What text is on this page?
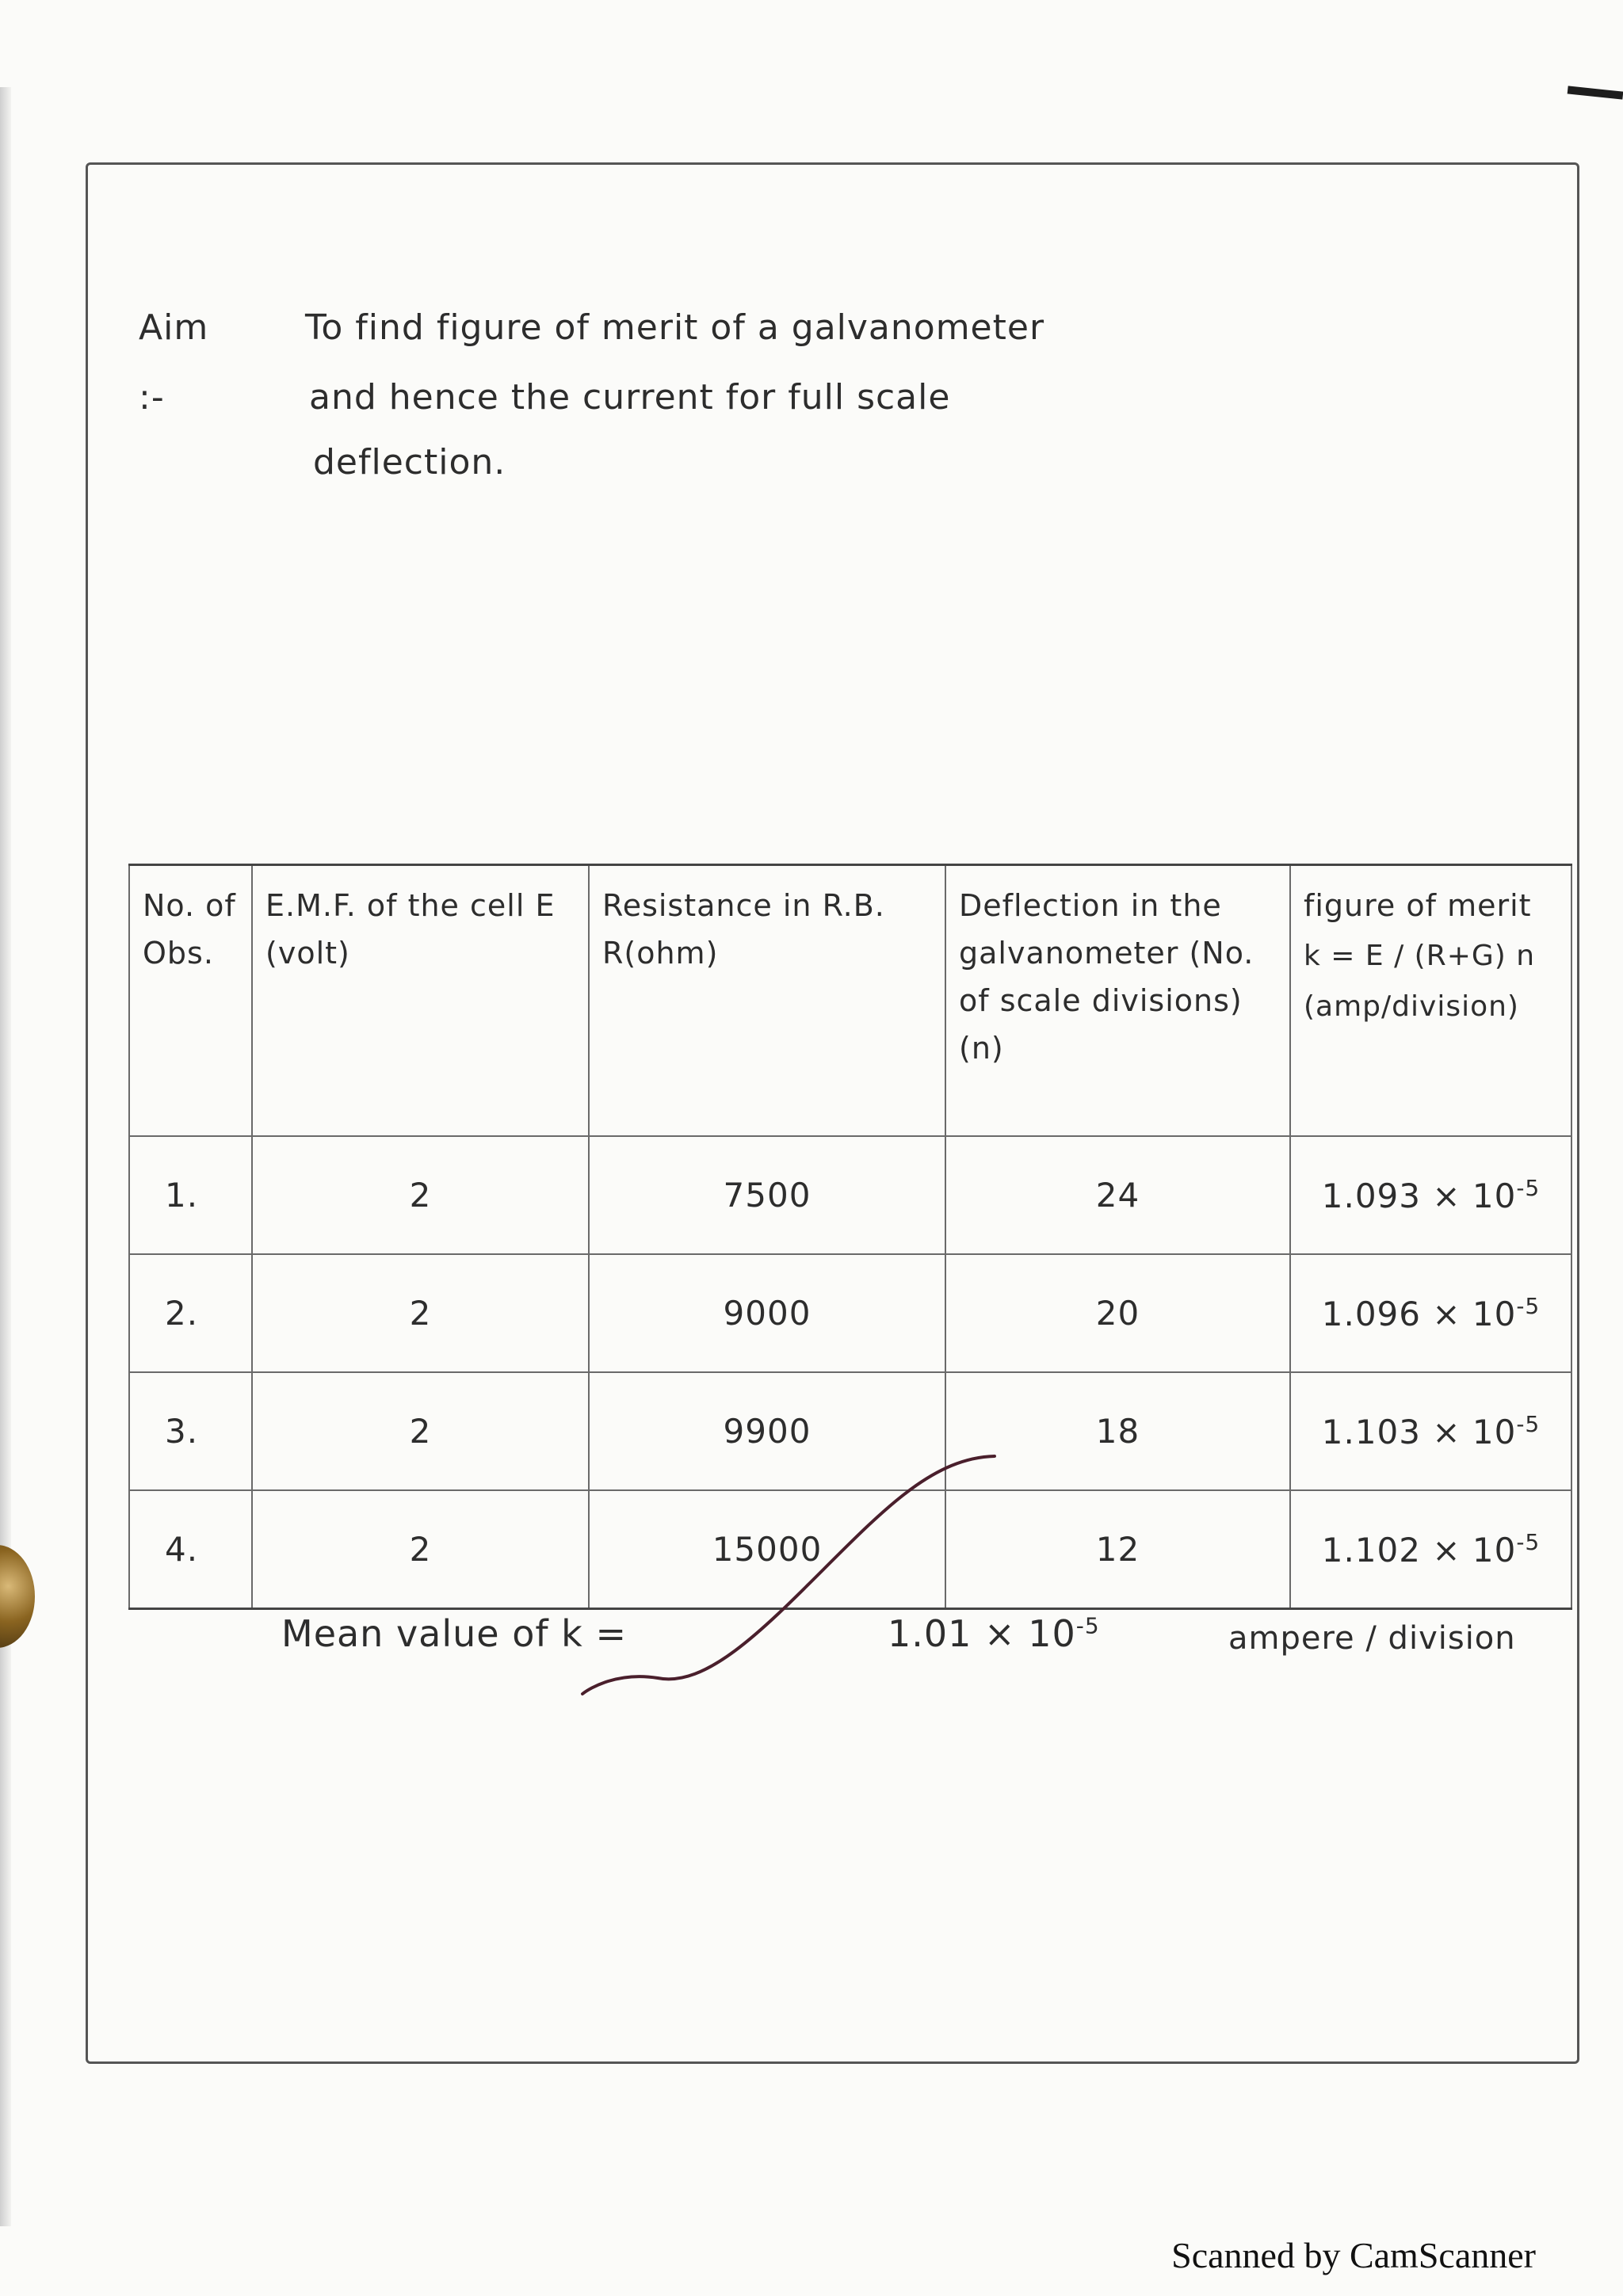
Aim :-
To find figure of merit of a galvanometer
and hence the current for full scale
deflection.
No. of Obs.	E.M.F. of the cell E (volt)	Resistance in R.B. R(ohm)	Deflection in the galvanometer (No. of scale divisions) (n)	figure of merit
k = E / (R+G) n
(amp/division)

1.	2	7500	24	$1.093 \times 10^{-5}$
2.	2	9000	20	$1.096 \times 10^{-5}$
3.	2	9900	18	$1.103 \times 10^{-5}$
4.	2	15000	12	$1.102 \times 10^{-5}$
Mean value of k =	$1.01 \times 10^{-5}$	ampere / division
Scanned by CamScanner
